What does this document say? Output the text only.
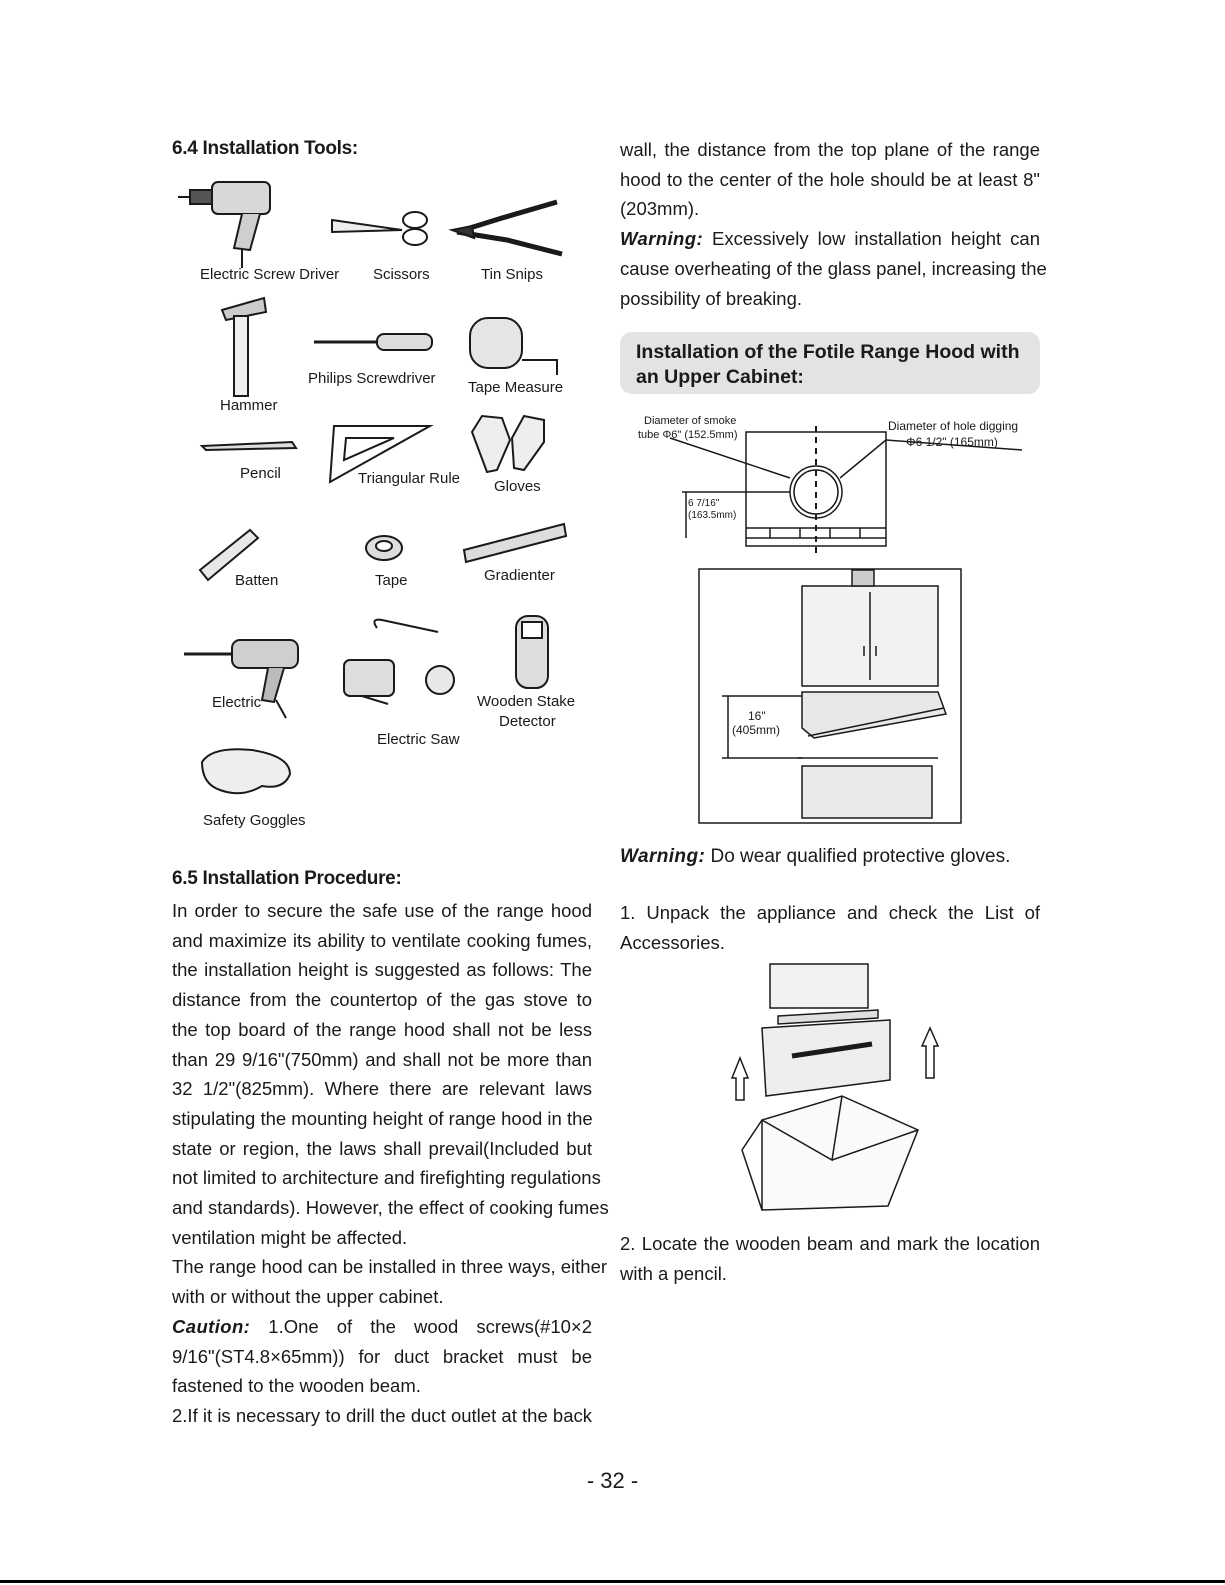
6.4 Installation Tools:
Electric Screw Driver Scissors	Tin Snips
Hammer
Philips Screwdriver
Tape Measure
Pencil	Triangular Rule Gloves
Batten	Tape	Gradienter
Electric
Electric Saw
Wooden Stake
Detector
Safety Goggles
6.5 Installation Procedure:
In order to secure the safe use of the range hood
and maximize its ability to ventilate cooking fumes,
the installation height is suggested as follows: The
distance from the countertop of the gas stove to
the top board of the range hood shall not be less
than 29 9/16"(750mm) and shall not be more than
32 1/2"(825mm). Where there are relevant laws
stipulating the mounting height of range hood in the
state or region, the laws shall prevail(Included but
not limited to architecture and firefighting regulations
and standards). However, the effect of cooking fumes
ventilation might be affected.
The range hood can be installed in three ways, either
with or without the upper cabinet.
Caution: 1.One of the wood screws(#10×2
9/16"(ST4.8×65mm)) for duct bracket must be
fastened to the wooden beam.
2.If it is necessary to drill the duct outlet at the back
wall, the distance from the top plane of the range
hood to the center of the hole should be at least 8"
(203mm).
Warning: Excessively low installation height can
cause overheating of the glass panel, increasing the
possibility of breaking.
Installation of the Fotile Range Hood with
an Upper Cabinet:
Diameter of smoke
tube Φ6" (152.5mm)
Diameter of hole digging
Φ6 1/2" (165mm)
6 7/16"
(163.5mm)
16"
(405mm)
Warning: Do wear qualified protective gloves.
1. Unpack the appliance and check the List of
Accessories.
2. Locate the wooden beam and mark the location
with a pencil.
- 32 -
